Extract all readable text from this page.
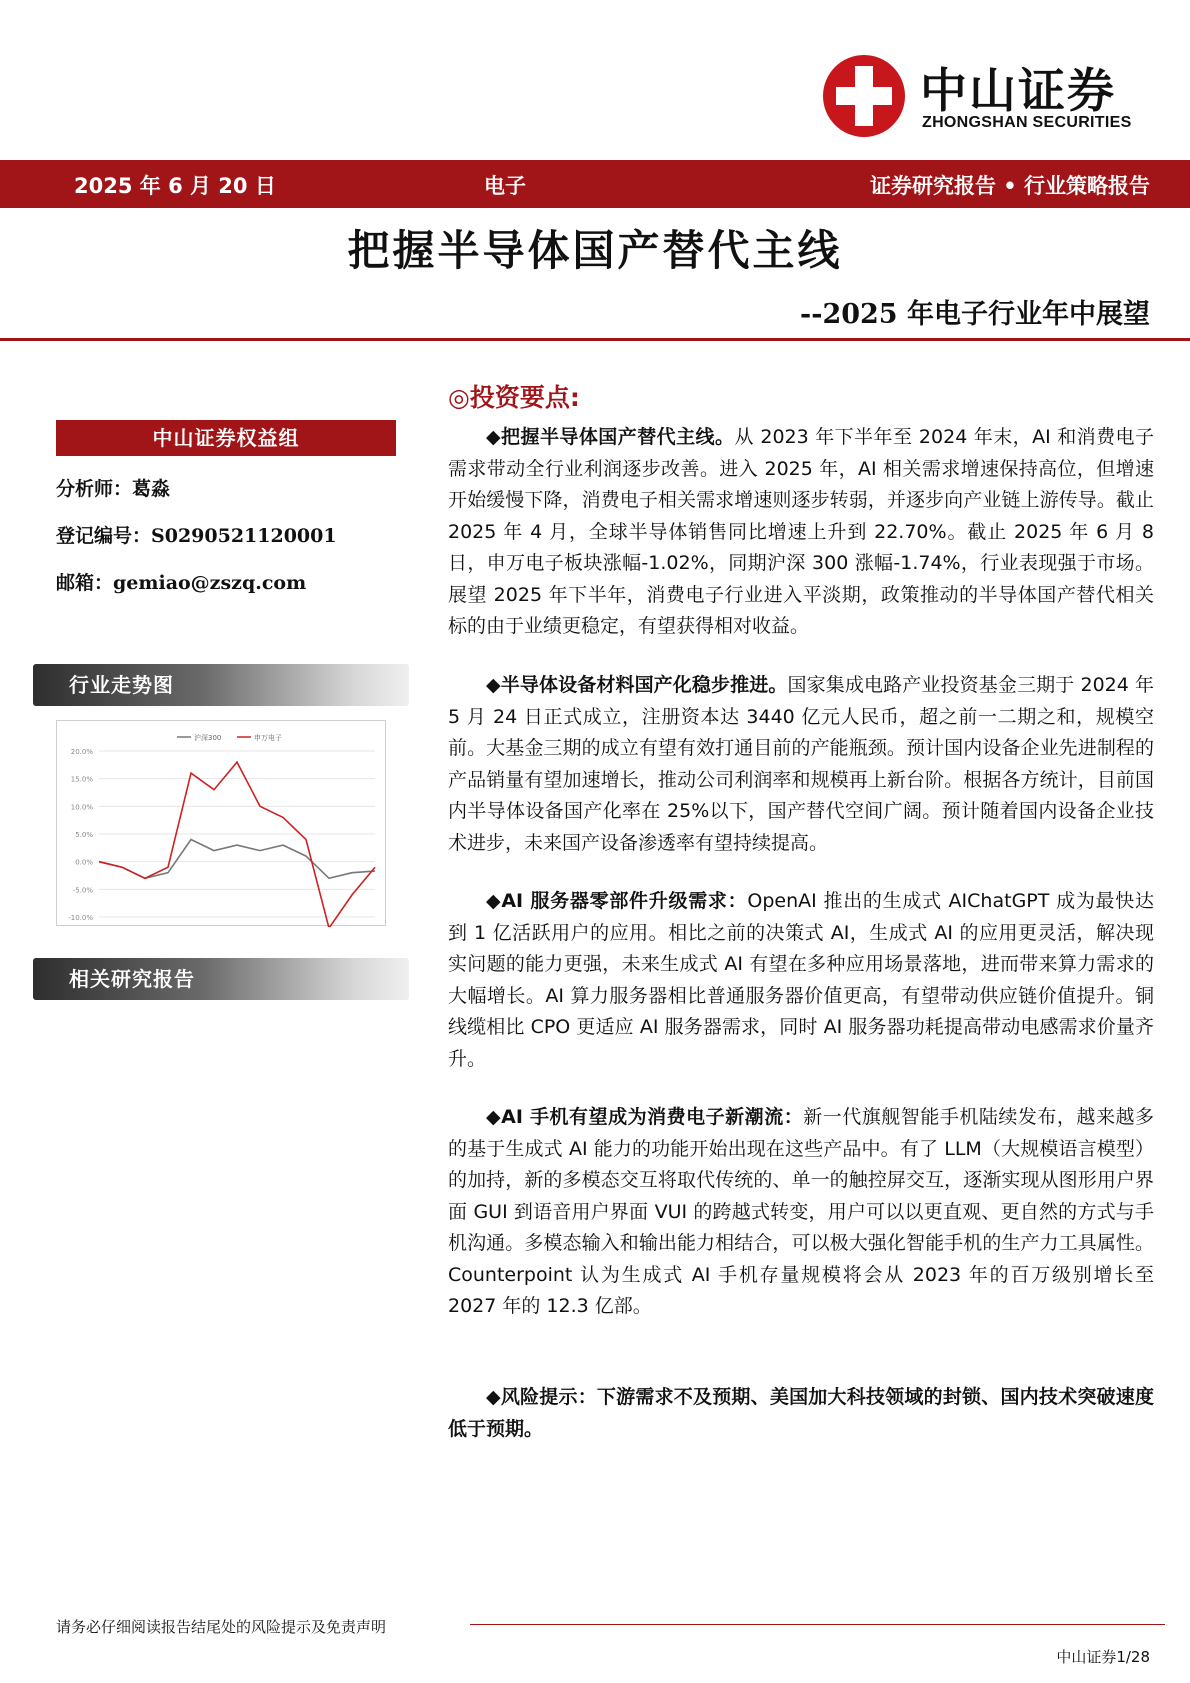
中山证券
ZHONGSHAN SECURITIES
2025 年 6 月 20 日	电子	证券研究报告 • 行业策略报告
把握半导体国产替代主线
--2025 年电子行业年中展望
中山证券权益组
分析师：葛淼
登记编号：S0290521120001
邮箱：gemiao@zszq.com
行业走势图
20.0%
15.0%
10.0%
5.0%
0.0%
-5.0%
-10.0%
沪深300	申万电子
相关研究报告
◎投资要点:
◆把握半导体国产替代主线。从 2023 年下半年至 2024 年末，AI 和消费电子需求带动全行业利润逐步改善。进入 2025 年，AI 相关需求增速保持高位，但增速开始缓慢下降，消费电子相关需求增速则逐步转弱，并逐步向产业链上游传导。截止 2025 年 4 月，全球半导体销售同比增速上升到 22.70%。截止 2025 年 6 月 8 日，申万电子板块涨幅-1.02%，同期沪深 300 涨幅-1.74%，行业表现强于市场。展望 2025 年下半年，消费电子行业进入平淡期，政策推动的半导体国产替代相关标的由于业绩更稳定，有望获得相对收益。
◆半导体设备材料国产化稳步推进。国家集成电路产业投资基金三期于 2024 年 5 月 24 日正式成立，注册资本达 3440 亿元人民币，超之前一二期之和，规模空前。大基金三期的成立有望有效打通目前的产能瓶颈。预计国内设备企业先进制程的产品销量有望加速增长，推动公司利润率和规模再上新台阶。根据各方统计，目前国内半导体设备国产化率在 25%以下，国产替代空间广阔。预计随着国内设备企业技术进步，未来国产设备渗透率有望持续提高。
◆AI 服务器零部件升级需求：OpenAI 推出的生成式 AIChatGPT 成为最快达到 1 亿活跃用户的应用。相比之前的决策式 AI，生成式 AI 的应用更灵活，解决现实问题的能力更强，未来生成式 AI 有望在多种应用场景落地，进而带来算力需求的大幅增长。AI 算力服务器相比普通服务器价值更高，有望带动供应链价值提升。铜线缆相比 CPO 更适应 AI 服务器需求，同时 AI 服务器功耗提高带动电感需求价量齐升。
◆AI 手机有望成为消费电子新潮流：新一代旗舰智能手机陆续发布，越来越多的基于生成式 AI 能力的功能开始出现在这些产品中。有了 LLM（大规模语言模型）的加持，新的多模态交互将取代传统的、单一的触控屏交互，逐渐实现从图形用户界面 GUI 到语音用户界面 VUI 的跨越式转变，用户可以以更直观、更自然的方式与手机沟通。多模态输入和输出能力相结合，可以极大强化智能手机的生产力工具属性。Counterpoint 认为生成式 AI 手机存量规模将会从 2023 年的百万级别增长至 2027 年的 12.3 亿部。
◆风险提示：下游需求不及预期、美国加大科技领域的封锁、国内技术突破速度低于预期。
请务必仔细阅读报告结尾处的风险提示及免责声明
中山证券1/28
